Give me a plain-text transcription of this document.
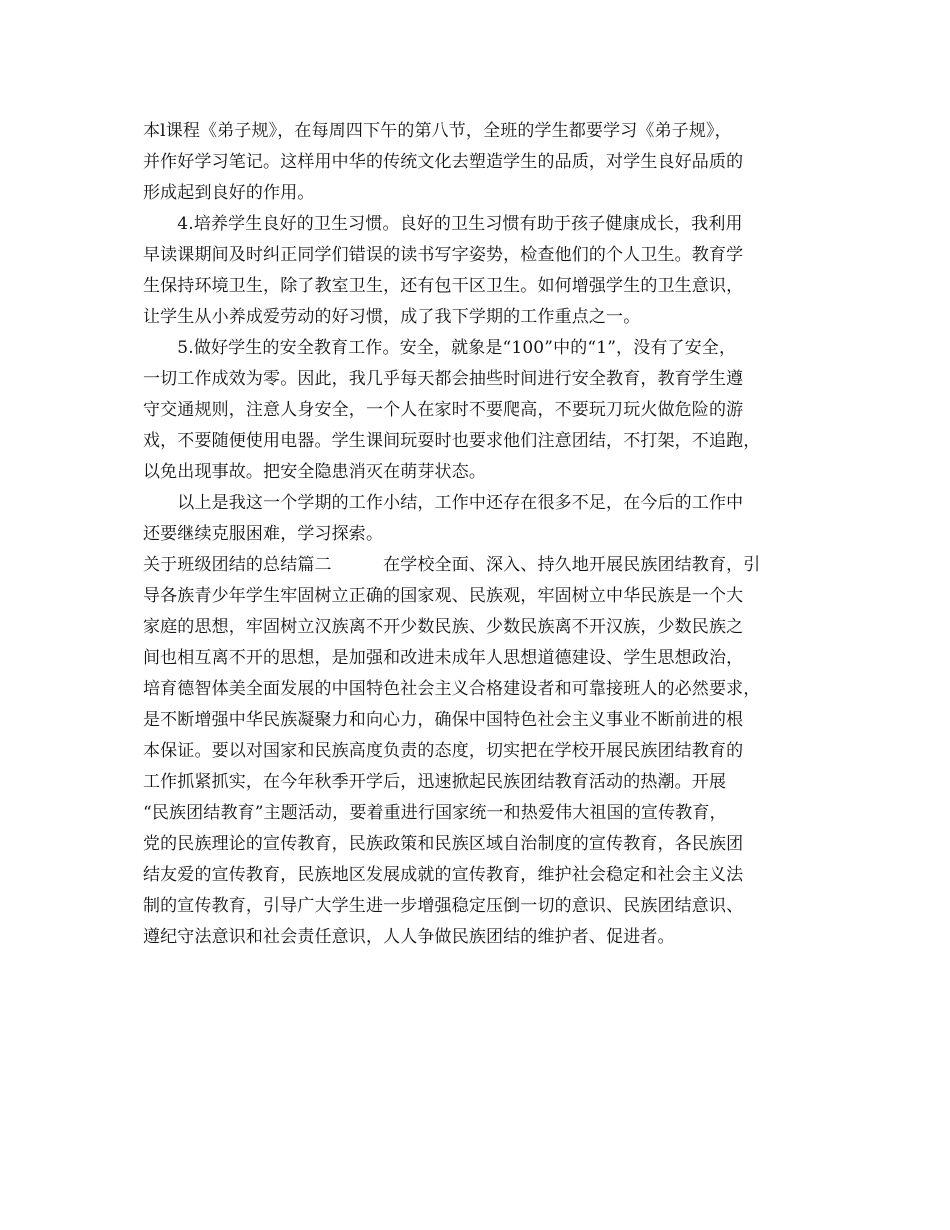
本l课程《弟子规》，在每周四下午的第八节，全班的学生都要学习《弟子规》，
并作好学习笔记。这样用中华的传统文化去塑造学生的品质，对学生良好品质的
形成起到良好的作用。
　　4.培养学生良好的卫生习惯。良好的卫生习惯有助于孩子健康成长，我利用
早读课期间及时纠正同学们错误的读书写字姿势，检查他们的个人卫生。教育学
生保持环境卫生，除了教室卫生，还有包干区卫生。如何增强学生的卫生意识，
让学生从小养成爱劳动的好习惯，成了我下学期的工作重点之一。
　　5.做好学生的安全教育工作。安全，就象是“100”中的“1”，没有了安全，
一切工作成效为零。因此，我几乎每天都会抽些时间进行安全教育，教育学生遵
守交通规则，注意人身安全，一个人在家时不要爬高，不要玩刀玩火做危险的游
戏，不要随便使用电器。学生课间玩耍时也要求他们注意团结，不打架，不追跑，
以免出现事故。把安全隐患消灭在萌芽状态。
　　以上是我这一个学期的工作小结，工作中还存在很多不足，在今后的工作中
还要继续克服困难，学习探索。
关于班级团结的总结篇二　　　在学校全面、深入、持久地开展民族团结教育，引
导各族青少年学生牢固树立正确的国家观、民族观，牢固树立中华民族是一个大
家庭的思想，牢固树立汉族离不开少数民族、少数民族离不开汉族，少数民族之
间也相互离不开的思想，是加强和改进未成年人思想道德建设、学生思想政治，
培育德智体美全面发展的中国特色社会主义合格建设者和可靠接班人的必然要求，
是不断增强中华民族凝聚力和向心力，确保中国特色社会主义事业不断前进的根
本保证。要以对国家和民族高度负责的态度，切实把在学校开展民族团结教育的
工作抓紧抓实，在今年秋季开学后，迅速掀起民族团结教育活动的热潮。开展
“民族团结教育”主题活动，要着重进行国家统一和热爱伟大祖国的宣传教育，
党的民族理论的宣传教育，民族政策和民族区域自治制度的宣传教育，各民族团
结友爱的宣传教育，民族地区发展成就的宣传教育，维护社会稳定和社会主义法
制的宣传教育，引导广大学生进一步增强稳定压倒一切的意识、民族团结意识、
遵纪守法意识和社会责任意识，人人争做民族团结的维护者、促进者。
